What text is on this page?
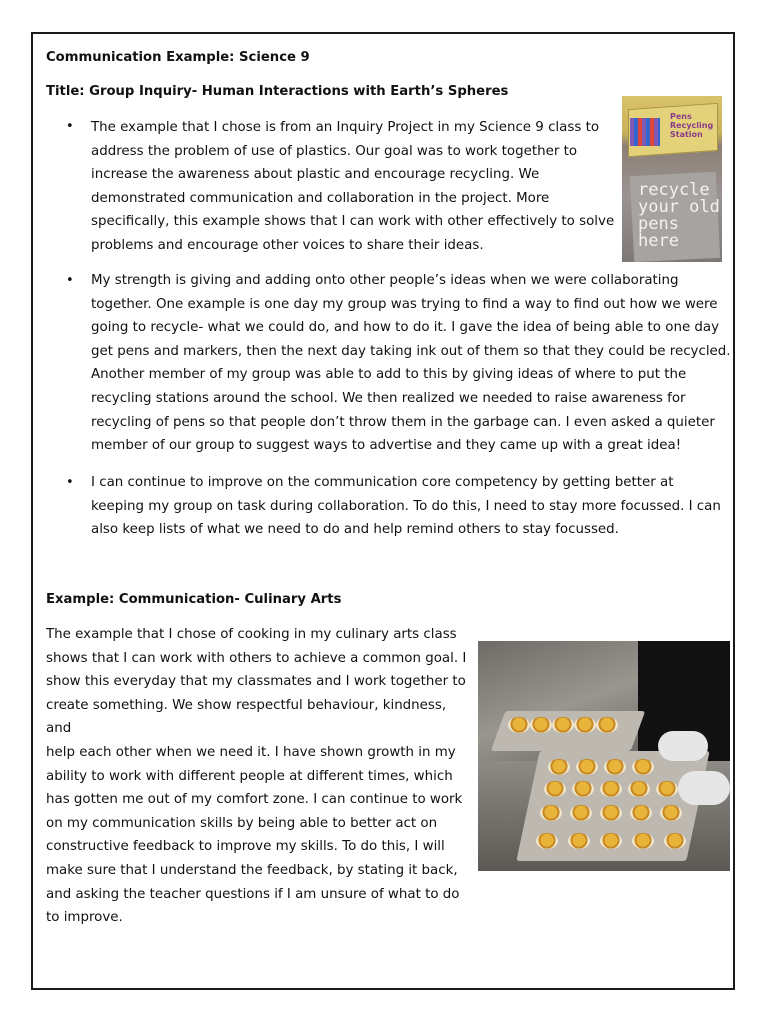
Communication Example: Science 9
Title: Group Inquiry- Human Interactions with Earth’s Spheres
• The example that I chose is from an Inquiry Project in my Science 9 class to
address the problem of use of plastics. Our goal was to work together to
increase the awareness about plastic and encourage recycling. We
demonstrated communication and collaboration in the project. More
specifically, this example shows that I can work with other effectively to solve
problems and encourage other voices to share their ideas.
Pens Recycling Station
recycle your old pens here
• My strength is giving and adding onto other people’s ideas when we were collaborating
together. One example is one day my group was trying to find a way to find out how we were
going to recycle- what we could do, and how to do it. I gave the idea of being able to one day
get pens and markers, then the next day taking ink out of them so that they could be recycled.
Another member of my group was able to add to this by giving ideas of where to put the
recycling stations around the school. We then realized we needed to raise awareness for
recycling of pens so that people don’t throw them in the garbage can. I even asked a quieter
member of our group to suggest ways to advertise and they came up with a great idea!
• I can continue to improve on the communication core competency by getting better at
keeping my group on task during collaboration. To do this, I need to stay more focussed. I can
also keep lists of what we need to do and help remind others to stay focussed.
Example: Communication- Culinary Arts
The example that I chose of cooking in my culinary arts class
shows that I can work with others to achieve a common goal. I
show this everyday that my classmates and I work together to
create something. We show respectful behaviour, kindness, and
help each other when we need it. I have shown growth in my
ability to work with different people at different times, which
has gotten me out of my comfort zone. I can continue to work
on my communication skills by being able to better act on
constructive feedback to improve my skills. To do this, I will
make sure that I understand the feedback, by stating it back,
and asking the teacher questions if I am unsure of what to do
to improve.
